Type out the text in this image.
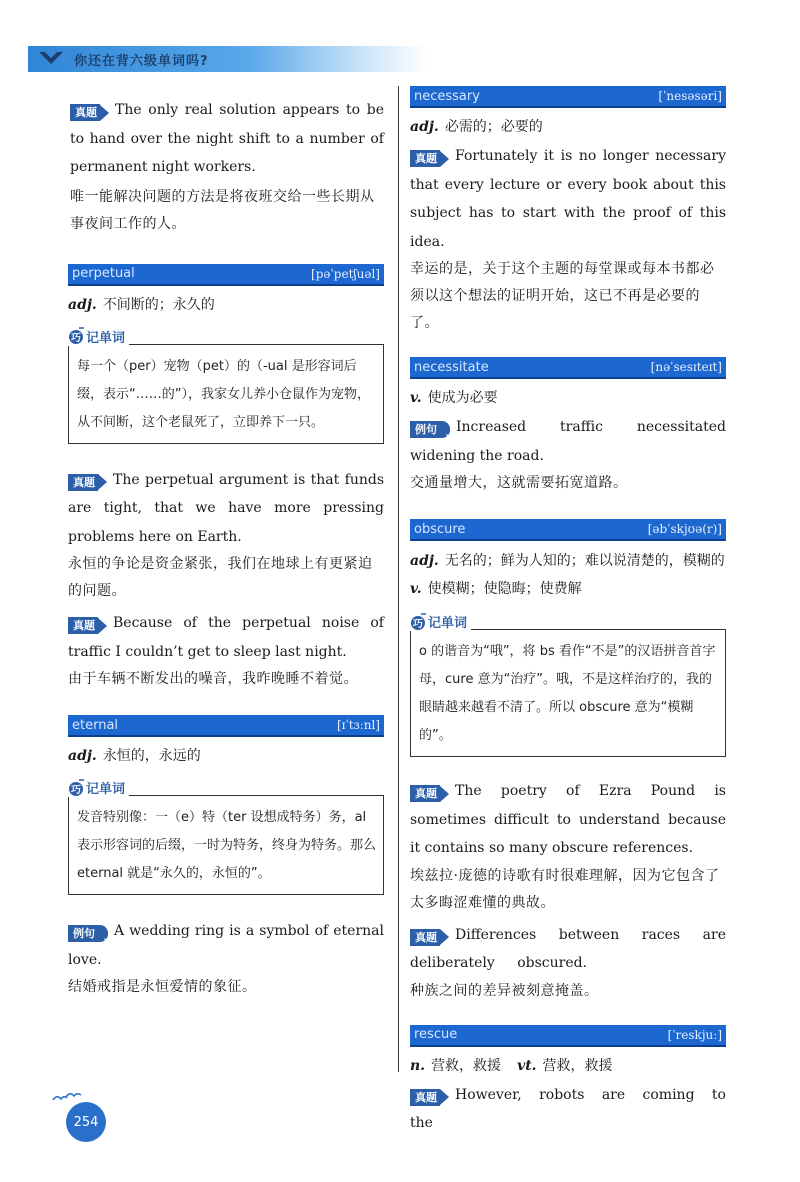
你还在背六级单词吗?

真题 The only real solution appears to be to hand over the night shift to a number of permanent night workers.

唯一能解决问题的方法是将夜班交给一些长期从事夜间工作的人。

perpetual	[pəˈpetʃuəl]

adj. 不间断的；永久的

巧 记单词

每一个（per）宠物（pet）的（-ual 是形容词后缀，表示“……的”），我家女儿养小仓鼠作为宠物，从不间断，这个老鼠死了，立即养下一只。

真题 The perpetual argument is that funds are tight, that we have more pressing problems here on Earth.

永恒的争论是资金紧张，我们在地球上有更紧迫的问题。

真题 Because of the perpetual noise of traffic I couldn’t get to sleep last night.

由于车辆不断发出的噪音，我昨晚睡不着觉。

eternal	[ɪˈtɜːnl]

adj. 永恒的，永远的

巧 记单词

发音特别像：一（e）特（ter 设想成特务）务，al 表示形容词的后缀，一时为特务，终身为特务。那么 eternal 就是“永久的，永恒的”。

例句 A wedding ring is a symbol of eternal love.

结婚戒指是永恒爱情的象征。

necessary	[ˈnesəsəri]

adj. 必需的；必要的

真题 Fortunately it is no longer necessary that every lecture or every book about this subject has to start with the proof of this idea.

幸运的是，关于这个主题的每堂课或每本书都必须以这个想法的证明开始，这已不再是必要的了。

necessitate	[nəˈsesɪteɪt]

v. 使成为必要

例句 Increased traffic necessitated widening the road.

交通量增大，这就需要拓宽道路。

obscure	[əbˈskjʊə(r)]

adj. 无名的；鲜为人知的；难以说清楚的，模糊的v. 使模糊；使隐晦；使费解

巧 记单词

o 的谐音为“哦”，将 bs 看作“不是”的汉语拼音首字母，cure 意为“治疗”。哦，不是这样治疗的，我的眼睛越来越看不清了。所以 obscure 意为“模糊的”。

真题 The poetry of Ezra Pound is sometimes difficult to understand because it contains so many obscure references.

埃兹拉·庞德的诗歌有时很难理解，因为它包含了太多晦涩难懂的典故。

真题 Differences between races are deliberately obscured.

种族之间的差异被刻意掩盖。

rescue	[ˈreskjuː]

n. 营救，救援 vt. 营救，救援

真题 However, robots are coming to the

254
